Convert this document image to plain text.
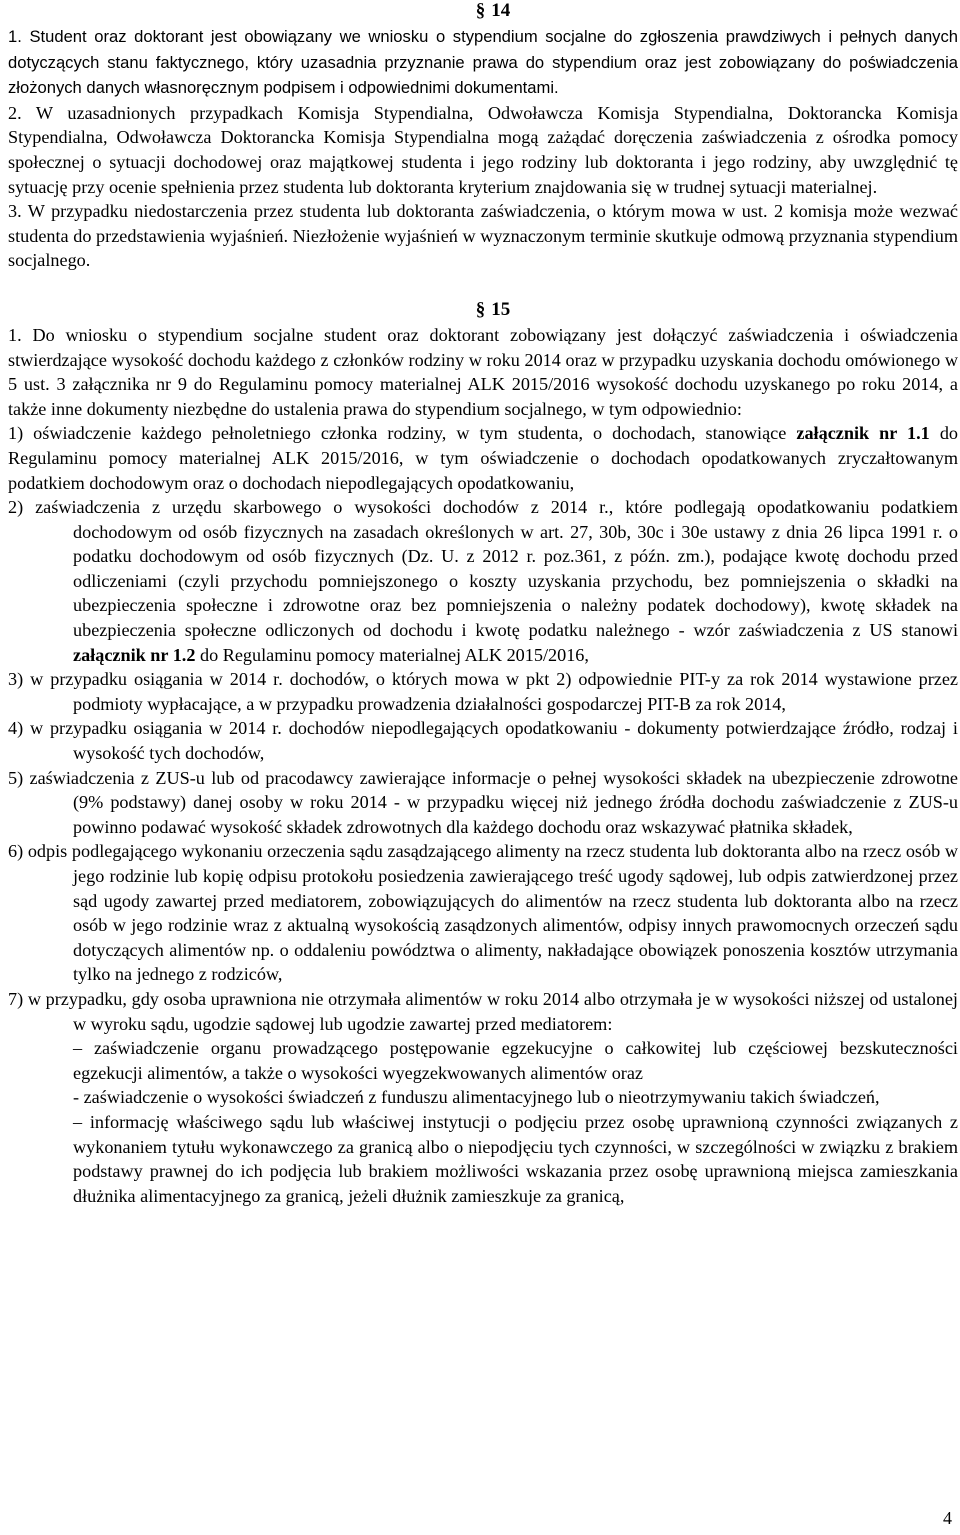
§ 14

1. Student oraz doktorant jest obowiązany we wniosku o stypendium socjalne do zgłoszenia prawdziwych i pełnych danych dotyczących stanu faktycznego, który uzasadnia przyznanie prawa do stypendium oraz jest zobowiązany do poświadczenia złożonych danych własnoręcznym podpisem i odpowiednimi dokumentami.

2. W uzasadnionych przypadkach Komisja Stypendialna, Odwoławcza Komisja Stypendialna, Doktorancka Komisja Stypendialna, Odwoławcza Doktorancka Komisja Stypendialna mogą zażądać doręczenia zaświadczenia z ośrodka pomocy społecznej o sytuacji dochodowej oraz majątkowej studenta i jego rodziny lub doktoranta i jego rodziny, aby uwzględnić tę sytuację przy ocenie spełnienia przez studenta lub doktoranta kryterium znajdowania się w trudnej sytuacji materialnej.

3. W przypadku niedostarczenia przez studenta lub doktoranta zaświadczenia, o którym mowa w ust. 2 komisja może wezwać studenta do przedstawienia wyjaśnień. Niezłożenie wyjaśnień w wyznaczonym terminie skutkuje odmową przyznania stypendium socjalnego.

§ 15

1. Do wniosku o stypendium socjalne student oraz doktorant zobowiązany jest dołączyć zaświadczenia i oświadczenia stwierdzające wysokość dochodu każdego z członków rodziny w roku 2014 oraz w przypadku uzyskania dochodu omówionego w 5 ust. 3 załącznika nr 9 do Regulaminu pomocy materialnej ALK 2015/2016 wysokość dochodu uzyskanego po roku 2014, a także inne dokumenty niezbędne do ustalenia prawa do stypendium socjalnego, w tym odpowiednio:

1) oświadczenie każdego pełnoletniego członka rodziny, w tym studenta, o dochodach, stanowiące załącznik nr 1.1 do Regulaminu pomocy materialnej ALK 2015/2016, w tym oświadczenie o dochodach opodatkowanych zryczałtowanym podatkiem dochodowym oraz o dochodach niepodlegających opodatkowaniu,

2) zaświadczenia z urzędu skarbowego o wysokości dochodów z 2014 r., które podlegają opodatkowaniu podatkiem dochodowym od osób fizycznych na zasadach określonych w art. 27, 30b, 30c i 30e ustawy z dnia 26 lipca 1991 r. o podatku dochodowym od osób fizycznych (Dz. U. z 2012 r. poz.361, z późn. zm.), podające kwotę dochodu przed odliczeniami (czyli przychodu pomniejszonego o koszty uzyskania przychodu, bez pomniejszenia o składki na ubezpieczenia społeczne i zdrowotne oraz bez pomniejszenia o należny podatek dochodowy), kwotę składek na ubezpieczenia społeczne odliczonych od dochodu i kwotę podatku należnego - wzór zaświadczenia z US stanowi załącznik nr 1.2 do Regulaminu pomocy materialnej ALK 2015/2016,

3) w przypadku osiągania w 2014 r. dochodów, o których mowa w pkt 2) odpowiednie PIT-y za rok 2014 wystawione przez podmioty wypłacające, a w przypadku prowadzenia działalności gospodarczej PIT-B za rok 2014,

4) w przypadku osiągania w 2014 r. dochodów niepodlegających opodatkowaniu - dokumenty potwierdzające źródło, rodzaj i wysokość tych dochodów,

5) zaświadczenia z ZUS-u lub od pracodawcy zawierające informacje o pełnej wysokości składek na ubezpieczenie zdrowotne (9% podstawy) danej osoby w roku 2014 - w przypadku więcej niż jednego źródła dochodu zaświadczenie z ZUS-u powinno podawać wysokość składek zdrowotnych dla każdego dochodu oraz wskazywać płatnika składek,

6) odpis podlegającego wykonaniu orzeczenia sądu zasądzającego alimenty na rzecz studenta lub doktoranta albo na rzecz osób w jego rodzinie lub kopię odpisu protokołu posiedzenia zawierającego treść ugody sądowej, lub odpis zatwierdzonej przez sąd ugody zawartej przed mediatorem, zobowiązujących do alimentów na rzecz studenta lub doktoranta albo na rzecz osób w jego rodzinie wraz z aktualną wysokością zasądzonych alimentów, odpisy innych prawomocnych orzeczeń sądu dotyczących alimentów np. o oddaleniu powództwa o alimenty, nakładające obowiązek ponoszenia kosztów utrzymania tylko na jednego z rodziców,

7) w przypadku, gdy osoba uprawniona nie otrzymała alimentów w roku 2014 albo otrzymała je w wysokości niższej od ustalonej w wyroku sądu, ugodzie sądowej lub ugodzie zawartej przed mediatorem:

– zaświadczenie organu prowadzącego postępowanie egzekucyjne o całkowitej lub częściowej bezskuteczności egzekucji alimentów, a także o wysokości wyegzekwowanych alimentów oraz

- zaświadczenie o wysokości świadczeń z funduszu alimentacyjnego lub o nieotrzymywaniu takich świadczeń,

– informację właściwego sądu lub właściwej instytucji o podjęciu przez osobę uprawnioną czynności związanych z wykonaniem tytułu wykonawczego za granicą albo o niepodjęciu tych czynności, w szczególności w związku z brakiem podstawy prawnej do ich podjęcia lub brakiem możliwości wskazania przez osobę uprawnioną miejsca zamieszkania dłużnika alimentacyjnego za granicą, jeżeli dłużnik zamieszkuje za granicą,

4
